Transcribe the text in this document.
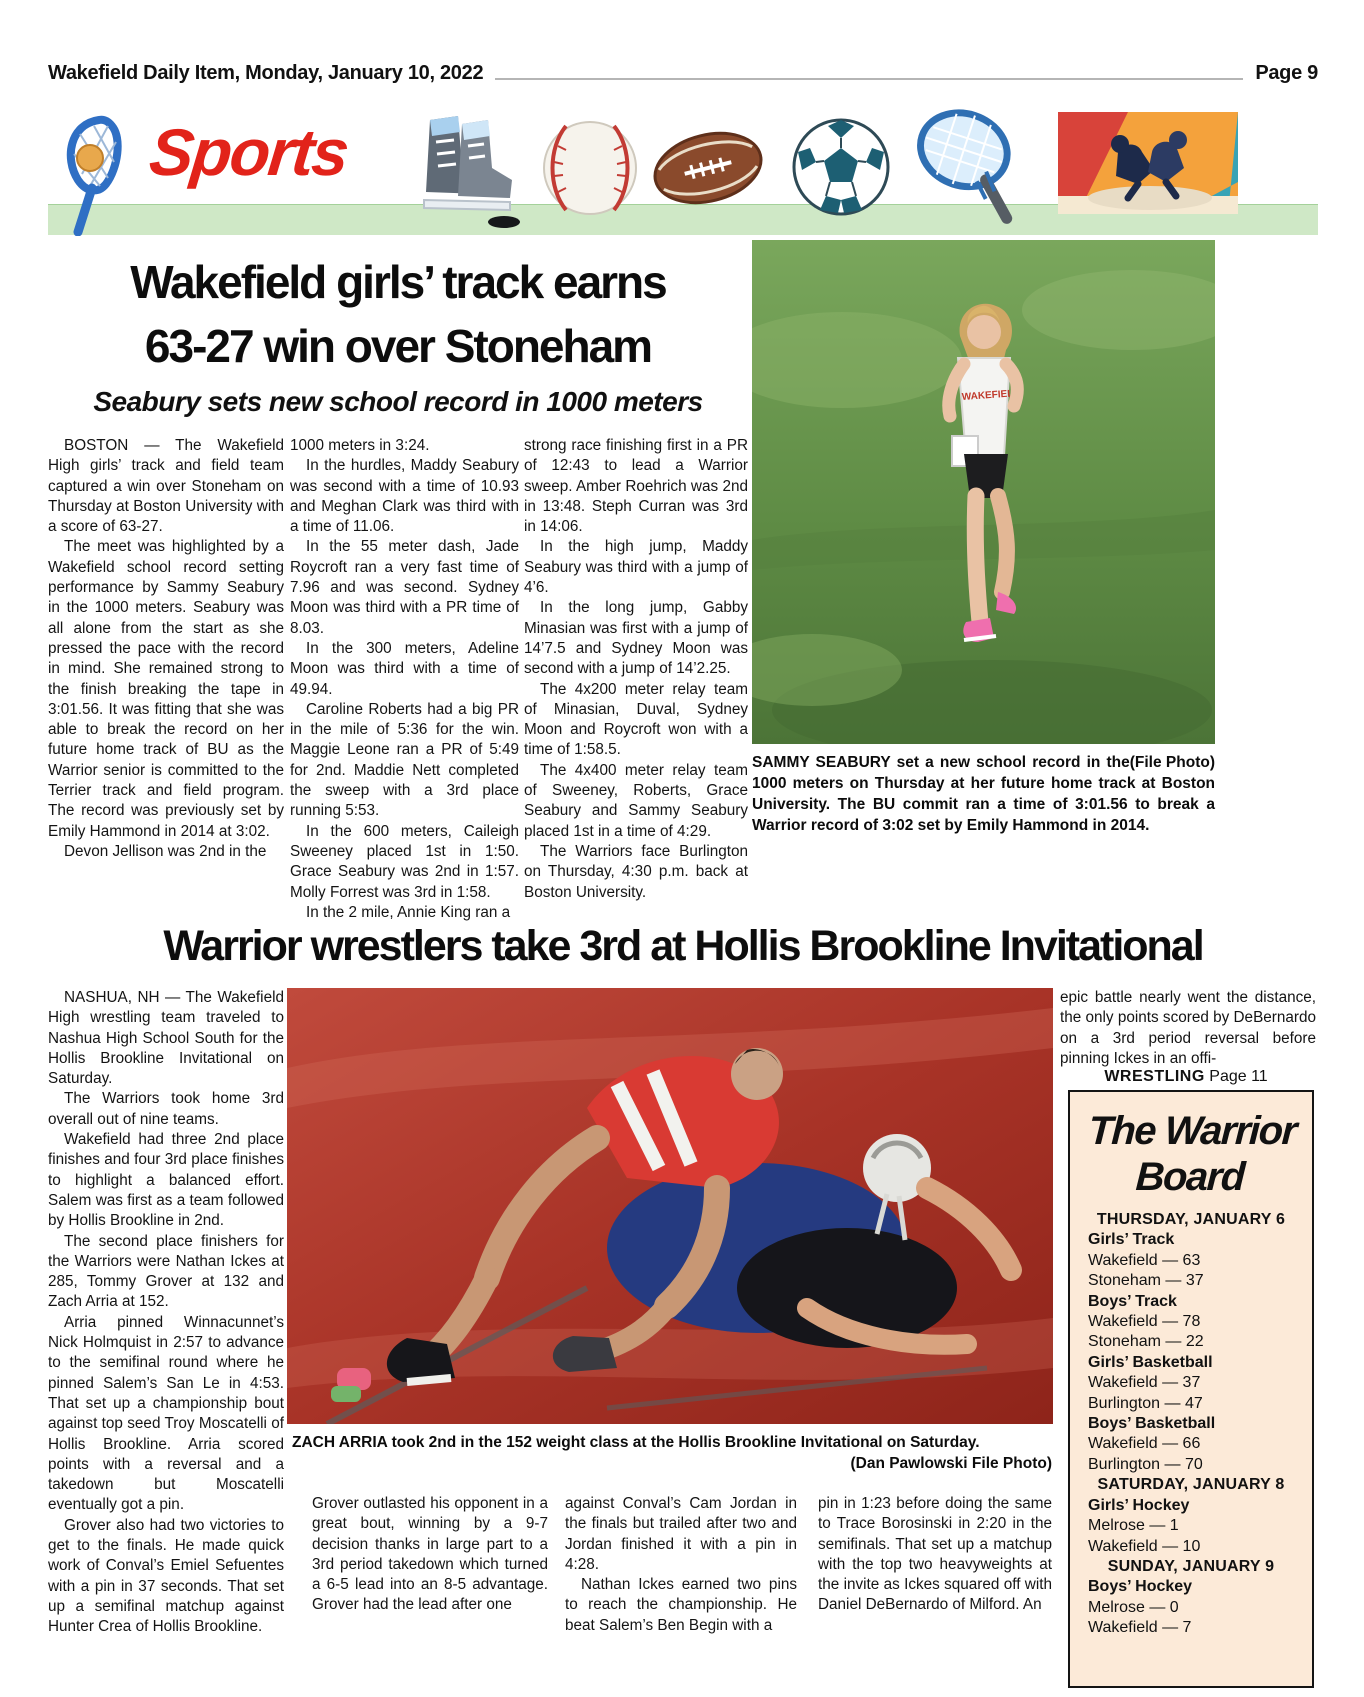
Wakefield Daily Item, Monday, January 10, 2022	Page 9
Sports
Wakefield girls’ track earns
63-27 win over Stoneham
Seabury sets new school record in 1000 meters

BOSTON — The Wakefield High girls’ track and field team captured a win over Stoneham on Thursday at Boston University with a score of 63-27.

The meet was highlighted by a Wakefield school record setting performance by Sammy Seabury in the 1000 meters. Seabury was all alone from the start as she pressed the pace with the record in mind. She remained strong to the finish breaking the tape in 3:01.56. It was fitting that she was able to break the record on her future home track of BU as the Warrior senior is committed to the Terrier track and field program. The record was previously set by Emily Hammond in 2014 at 3:02.

Devon Jellison was 2nd in the

1000 meters in 3:24.

In the hurdles, Maddy Seabury was second with a time of 10.93 and Meghan Clark was third with a time of 11.06.

In the 55 meter dash, Jade Roycroft ran a very fast time of 7.96 and was second. Sydney Moon was third with a PR time of 8.03.

In the 300 meters, Adeline Moon was third with a time of 49.94.

Caroline Roberts had a big PR in the mile of 5:36 for the win. Maggie Leone ran a PR of 5:49 for 2nd. Maddie Nett completed the sweep with a 3rd place running 5:53.

In the 600 meters, Caileigh Sweeney placed 1st in 1:50. Grace Seabury was 2nd in 1:57. Molly Forrest was 3rd in 1:58.

In the 2 mile, Annie King ran a

strong race finishing first in a PR of 12:43 to lead a Warrior sweep. Amber Roehrich was 2nd in 13:48. Steph Curran was 3rd in 14:06.

In the high jump, Maddy Seabury was third with a jump of 4’6.

In the long jump, Gabby Minasian was first with a jump of 14’7.5 and Sydney Moon was second with a jump of 14’2.25.

The 4x200 meter relay team of Minasian, Duval, Sydney Moon and Roycroft won with a time of 1:58.5.

The 4x400 meter relay team of Sweeney, Roberts, Grace Seabury and Sammy Seabury placed 1st in a time of 4:29.

The Warriors face Burlington on Thursday, 4:30 p.m. back at Boston University.

WAKEFIELD

(File Photo)
SAMMY SEABURY set a new school record in the 1000 meters on Thursday at her future home track at Boston University. The BU commit ran a time of 3:01.56 to break a Warrior record of 3:02 set by Emily Hammond in 2014.

Warrior wrestlers take 3rd at Hollis Brookline Invitational

NASHUA, NH — The Wakefield High wrestling team traveled to Nashua High School South for the Hollis Brookline Invitational on Saturday.

The Warriors took home 3rd overall out of nine teams.

Wakefield had three 2nd place finishes and four 3rd place finishes to highlight a balanced effort. Salem was first as a team followed by Hollis Brookline in 2nd.

The second place finishers for the Warriors were Nathan Ickes at 285, Tommy Grover at 132 and Zach Arria at 152.

Arria pinned Winnacunnet’s Nick Holmquist in 2:57 to advance to the semifinal round where he pinned Salem’s San Le in 4:53. That set up a championship bout against top seed Troy Moscatelli of Hollis Brookline. Arria scored points with a reversal and a takedown but Moscatelli eventually got a pin.

Grover also had two victories to get to the finals. He made quick work of Conval’s Emiel Sefuentes with a pin in 37 seconds. That set up a semifinal matchup against Hunter Crea of Hollis Brookline.

ZACH ARRIA took 2nd in the 152 weight class at the Hollis Brookline Invitational on Saturday.
(Dan Pawlowski File Photo)

Grover outlasted his opponent in a great bout, winning by a 9-7 decision thanks in large part to a 3rd period takedown which turned a 6-5 lead into an 8-5 advantage. Grover had the lead after one

against Conval’s Cam Jordan in the finals but trailed after two and Jordan finished it with a pin in 4:28.

Nathan Ickes earned two pins to reach the championship. He beat Salem’s Ben Begin with a

pin in 1:23 before doing the same to Trace Borosinski in 2:20 in the semifinals. That set up a matchup with the top two heavyweights at the invite as Ickes squared off with Daniel DeBernardo of Milford. An

epic battle nearly went the distance, the only points scored by DeBernardo on a 3rd period reversal before pinning Ickes in an offi-

WRESTLING Page 11
The Warrior
Board
THURSDAY, JANUARY 6
Girls’ Track
Wakefield — 63
Stoneham — 37
Boys’ Track
Wakefield — 78
Stoneham — 22
Girls’ Basketball
Wakefield — 37
Burlington — 47
Boys’ Basketball
Wakefield — 66
Burlington — 70
SATURDAY, JANUARY 8
Girls’ Hockey
Melrose — 1
Wakefield — 10
SUNDAY, JANUARY 9
Boys’ Hockey
Melrose — 0
Wakefield — 7
